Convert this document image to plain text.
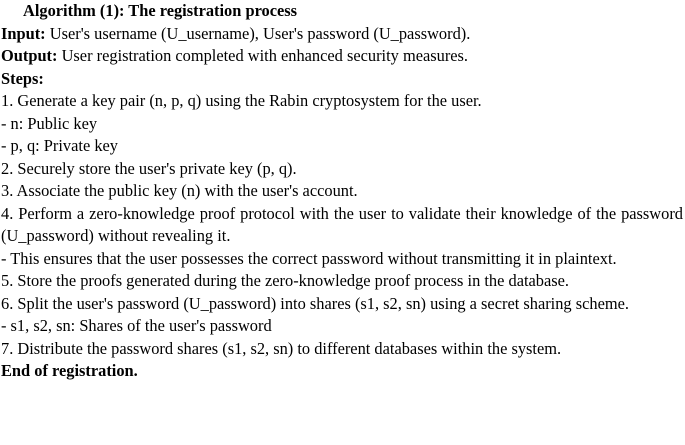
Algorithm (1): The registration process
Input: User's username (U_username), User's password (U_password).
Output: User registration completed with enhanced security measures.
Steps:
1. Generate a key pair (n, p, q) using the Rabin cryptosystem for the user.
- n: Public key
- p, q: Private key
2. Securely store the user's private key (p, q).
3. Associate the public key (n) with the user's account.
4. Perform a zero-knowledge proof protocol with the user to validate their knowledge of the password (U_password) without revealing it.
- This ensures that the user possesses the correct password without transmitting it in plaintext.
5. Store the proofs generated during the zero-knowledge proof process in the database.
6. Split the user's password (U_password) into shares (s1, s2, sn) using a secret sharing scheme.
- s1, s2, sn: Shares of the user's password
7. Distribute the password shares (s1, s2, sn) to different databases within the system.
End of registration.
